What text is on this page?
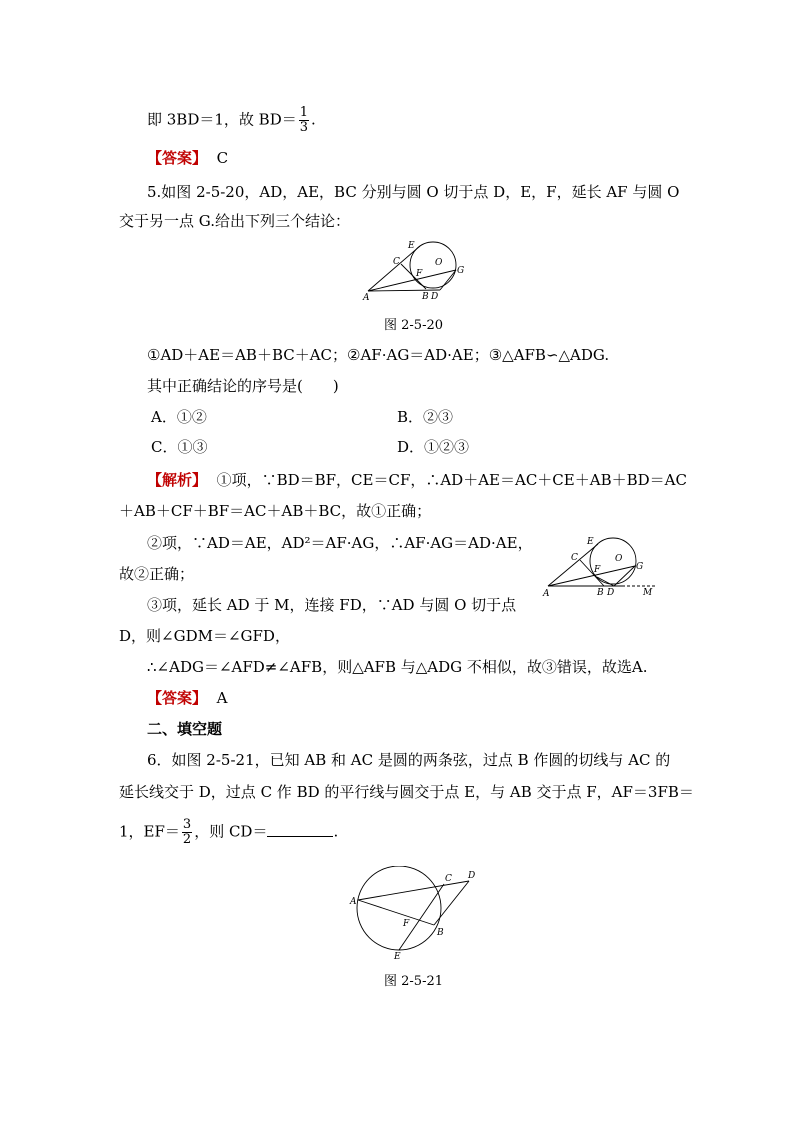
即 3BD＝1，故 $BD= \frac{1}{3}$ .
【答案】 C
5.如图 2-5-20，AD，AE，BC 分别与圆 O 切于点 D，E，F，延长 AF 与圆 O
交于另一点 G.给出下列三个结论：
E
C	O
F	G
A	B D
图 2-5-20
①AD＋AE＝AB＋BC＋AC；②AF·AG＝AD·AE；③△AFB∽△ADG.
其中正确结论的序号是(　　)
A．①②	B．②③
C．①③	D．①②③
【解析】 ①项，∵BD＝BF，CE＝CF，∴AD＋AE＝AC＋CE＋AB＋BD＝AC
＋AB＋CF＋BF＝AC＋AB＋BC，故①正确；
②项，∵AD＝AE，AD²＝AF·AG，∴AF·AG＝AD·AE，
故②正确；
E
C	O
F	G
A	B D	M
③项，延长 AD 于 M，连接 FD，∵AD 与圆 O 切于点
D，则∠GDM＝∠GFD，
∴∠ADG＝∠AFD≠∠AFB，则△AFB 与△ADG 不相似，故③错误，故选A.
【答案】 A
二、填空题
6．如图 2-5-21，已知 AB 和 AC 是圆的两条弦，过点 B 作圆的切线与 AC 的
延长线交于 D，过点 C 作 BD 的平行线与圆交于点 E，与 AB 交于点 F，AF＝3FB＝
1，$EF= \frac{3}{2}$ ，则 CD＝	.
A
C D
F
B
E
图 2-5-21
